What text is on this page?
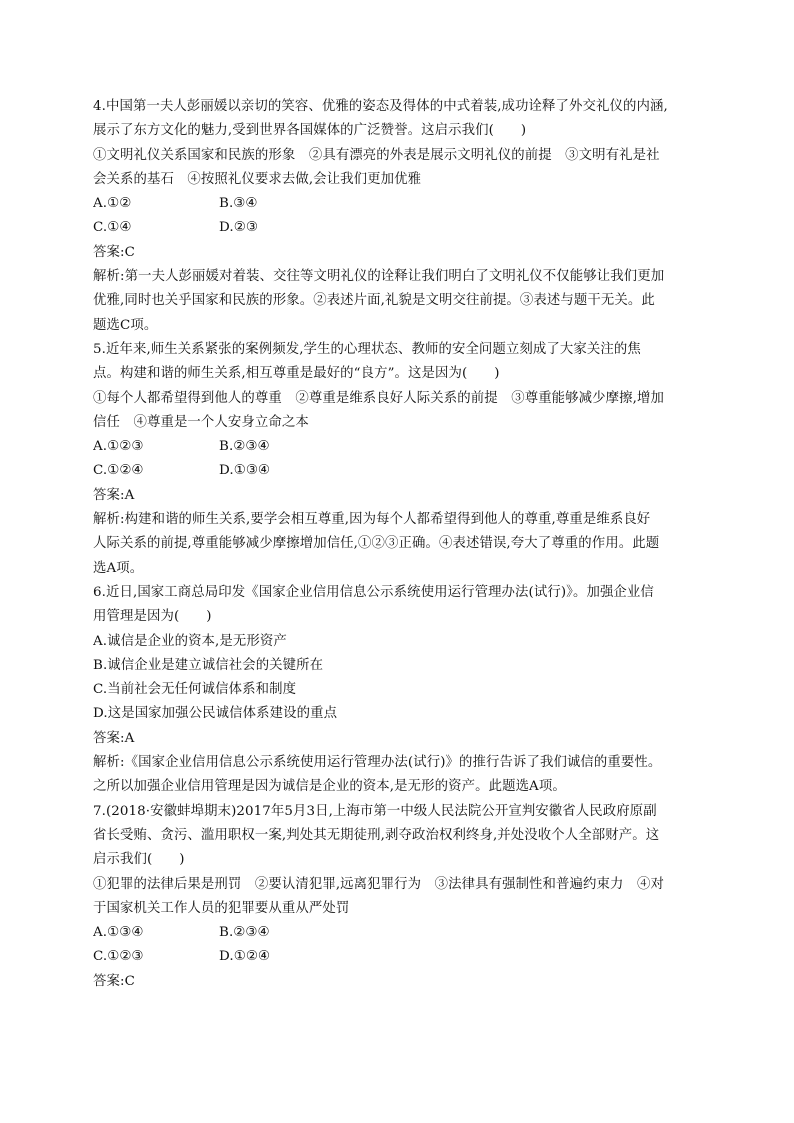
4.中国第一夫人彭丽媛以亲切的笑容、优雅的姿态及得体的中式着装,成功诠释了外交礼仪的内涵,
展示了东方文化的魅力,受到世界各国媒体的广泛赞誉。这启示我们(　　)
①文明礼仪关系国家和民族的形象　②具有漂亮的外表是展示文明礼仪的前提　③文明有礼是社
会关系的基石　④按照礼仪要求去做,会让我们更加优雅
A.①②	B.③④
C.①④	D.②③
答案:C
解析:第一夫人彭丽媛对着装、交往等文明礼仪的诠释让我们明白了文明礼仪不仅能够让我们更加
优雅,同时也关乎国家和民族的形象。②表述片面,礼貌是文明交往前提。③表述与题干无关。此
题选C项。
5.近年来,师生关系紧张的案例频发,学生的心理状态、教师的安全问题立刻成了大家关注的焦
点。构建和谐的师生关系,相互尊重是最好的“良方”。这是因为(　　)
①每个人都希望得到他人的尊重　②尊重是维系良好人际关系的前提　③尊重能够减少摩擦,增加
信任　④尊重是一个人安身立命之本
A.①②③	B.②③④
C.①②④	D.①③④
答案:A
解析:构建和谐的师生关系,要学会相互尊重,因为每个人都希望得到他人的尊重,尊重是维系良好
人际关系的前提,尊重能够减少摩擦增加信任,①②③正确。④表述错误,夸大了尊重的作用。此题
选A项。
6.近日,国家工商总局印发《国家企业信用信息公示系统使用运行管理办法(试行)》。加强企业信
用管理是因为(　　)
A.诚信是企业的资本,是无形资产
B.诚信企业是建立诚信社会的关键所在
C.当前社会无任何诚信体系和制度
D.这是国家加强公民诚信体系建设的重点
答案:A
解析:《国家企业信用信息公示系统使用运行管理办法(试行)》的推行告诉了我们诚信的重要性。
之所以加强企业信用管理是因为诚信是企业的资本,是无形的资产。此题选A项。
7.(2018·安徽蚌埠期末)2017年5月3日,上海市第一中级人民法院公开宣判安徽省人民政府原副
省长受贿、贪污、滥用职权一案,判处其无期徒刑,剥夺政治权利终身,并处没收个人全部财产。这
启示我们(　　)
①犯罪的法律后果是刑罚　②要认清犯罪,远离犯罪行为　③法律具有强制性和普遍约束力　④对
于国家机关工作人员的犯罪要从重从严处罚
A.①③④	B.②③④
C.①②③	D.①②④
答案:C
